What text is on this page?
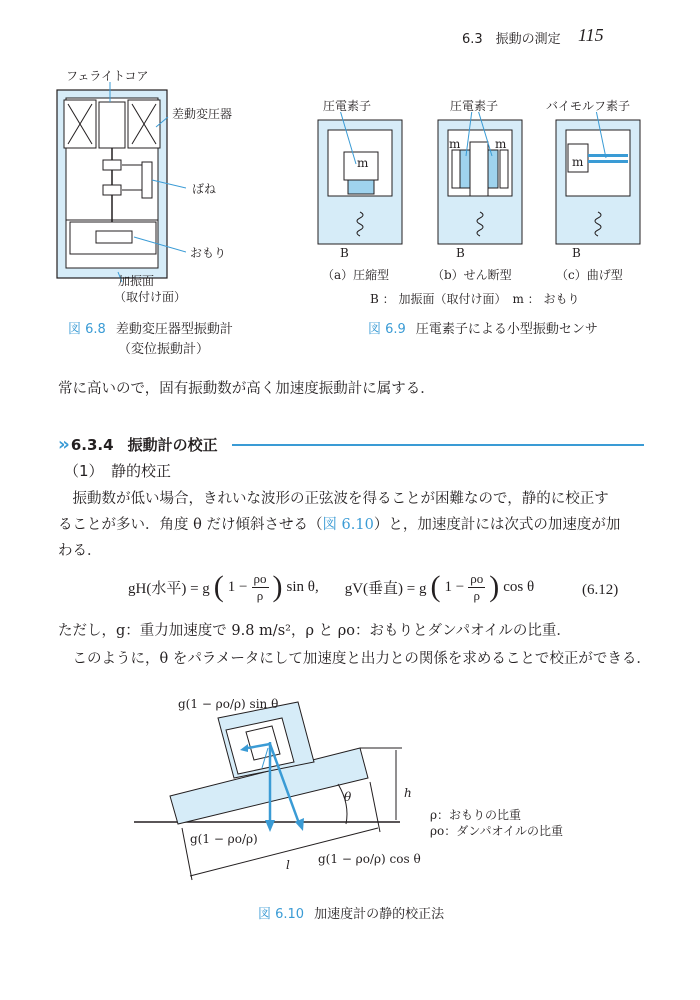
6.3　振動の測定 115
フェライトコア
差動変圧器
ばね
おもり
加振面
（取付け面）
図 6.8 差動変圧器型振動計
（変位振動計）
圧電素子	圧電素子	バイモルフ素子
m
m	m
m
B	B	B
（a）圧縮型	（b）せん断型	（c）曲げ型
B ： 加振面（取付け面）　m ： おもり
図 6.9 圧電素子による小型振動センサ
常に高いので，固有振動数が高く加速度振動計に属する．
›› 6.3.4 振動計の校正
（1）　静的校正
　振動数が低い場合，きれいな波形の正弦波を得ることが困難なので，静的に校正す
ることが多い．角度 θ だけ傾斜させる（図 6.10）と，加速度計には次式の加速度が加
わる．
gH(水平) = g ( $1 - \frac{\rho o}{\rho}$ ) sin θ, gV(垂直) = g ( $1 - \frac{\rho o}{\rho}$ ) cos θ	(6.12)
ただし，g：重力加速度で 9.8 m/s²，ρ と ρo：おもりとダンパオイルの比重．
　このように，θ をパラメータにして加速度と出力との関係を求めることで校正ができる．
g(1 − ρo/ρ) sin θ
g(1 − ρo/ρ)
g(1 − ρo/ρ) cos θ
θ	h
l
ρ：おもりの比重
ρo：ダンパオイルの比重
図 6.10 加速度計の静的校正法
